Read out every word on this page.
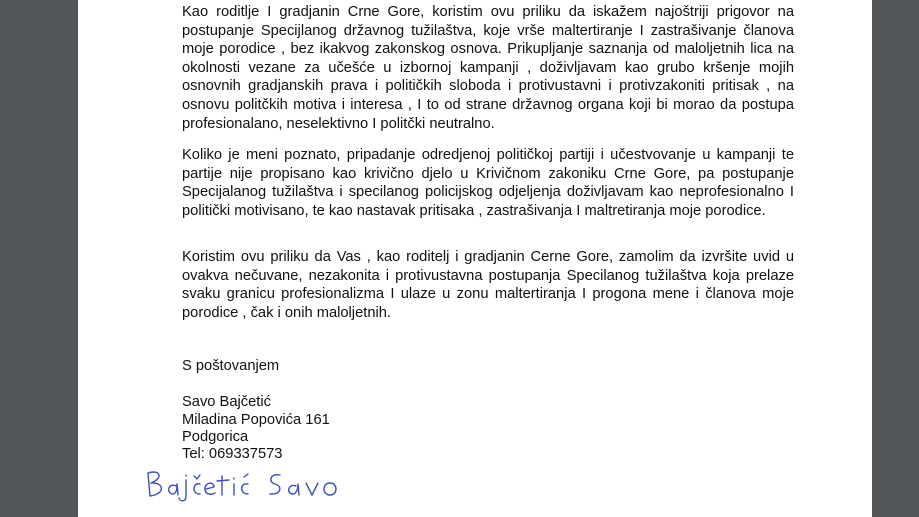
Kao roditlje I gradjanin Crne Gore, koristim ovu priliku da iskažem najoštriji prigovor na postupanje Specijlanog državnog tužilaštva, koje vrše maltertiranje I zastrašivanje članova moje porodice , bez ikakvog zakonskog osnova. Prikupljanje saznanja od maloljetnih lica na okolnosti vezane za učešće u izbornoj kampanji , doživljavam kao grubo kršenje mojih osnovnih gradjanskih prava i političkih sloboda i protivustavni i protivzakoniti pritisak , na osnovu politčkih motiva i interesa , I to od strane državnog organa koji bi morao da postupa profesionalano, neselektivno I politčki neutralno.

Koliko je meni poznato, pripadanje odredjenoj političkoj partiji i učestvovanje u kampanji te partije nije propisano kao krivično djelo u Krivičnom zakoniku Crne Gore, pa postupanje Specijalanog tužilaštva i specilanog policijskog odjeljenja doživljavam kao neprofesionalno I politički motivisano, te kao nastavak pritisaka , zastrašivanja I maltretiranja moje porodice.

Koristim ovu priliku da Vas , kao roditelj i gradjanin Cerne Gore, zamolim da izvršite uvid u ovakva nečuvane, nezakonita i protivustavna postupanja Specilanog tužilaštva koja prelaze svaku granicu profesionalizma I ulaze u zonu maltertiranja I progona mene i članova moje porodice , čak i onih maloljetnih.

S poštovanjem

Savo Bajčetić

Miladina Popovića 161

Podgorica

Tel: 069337573
